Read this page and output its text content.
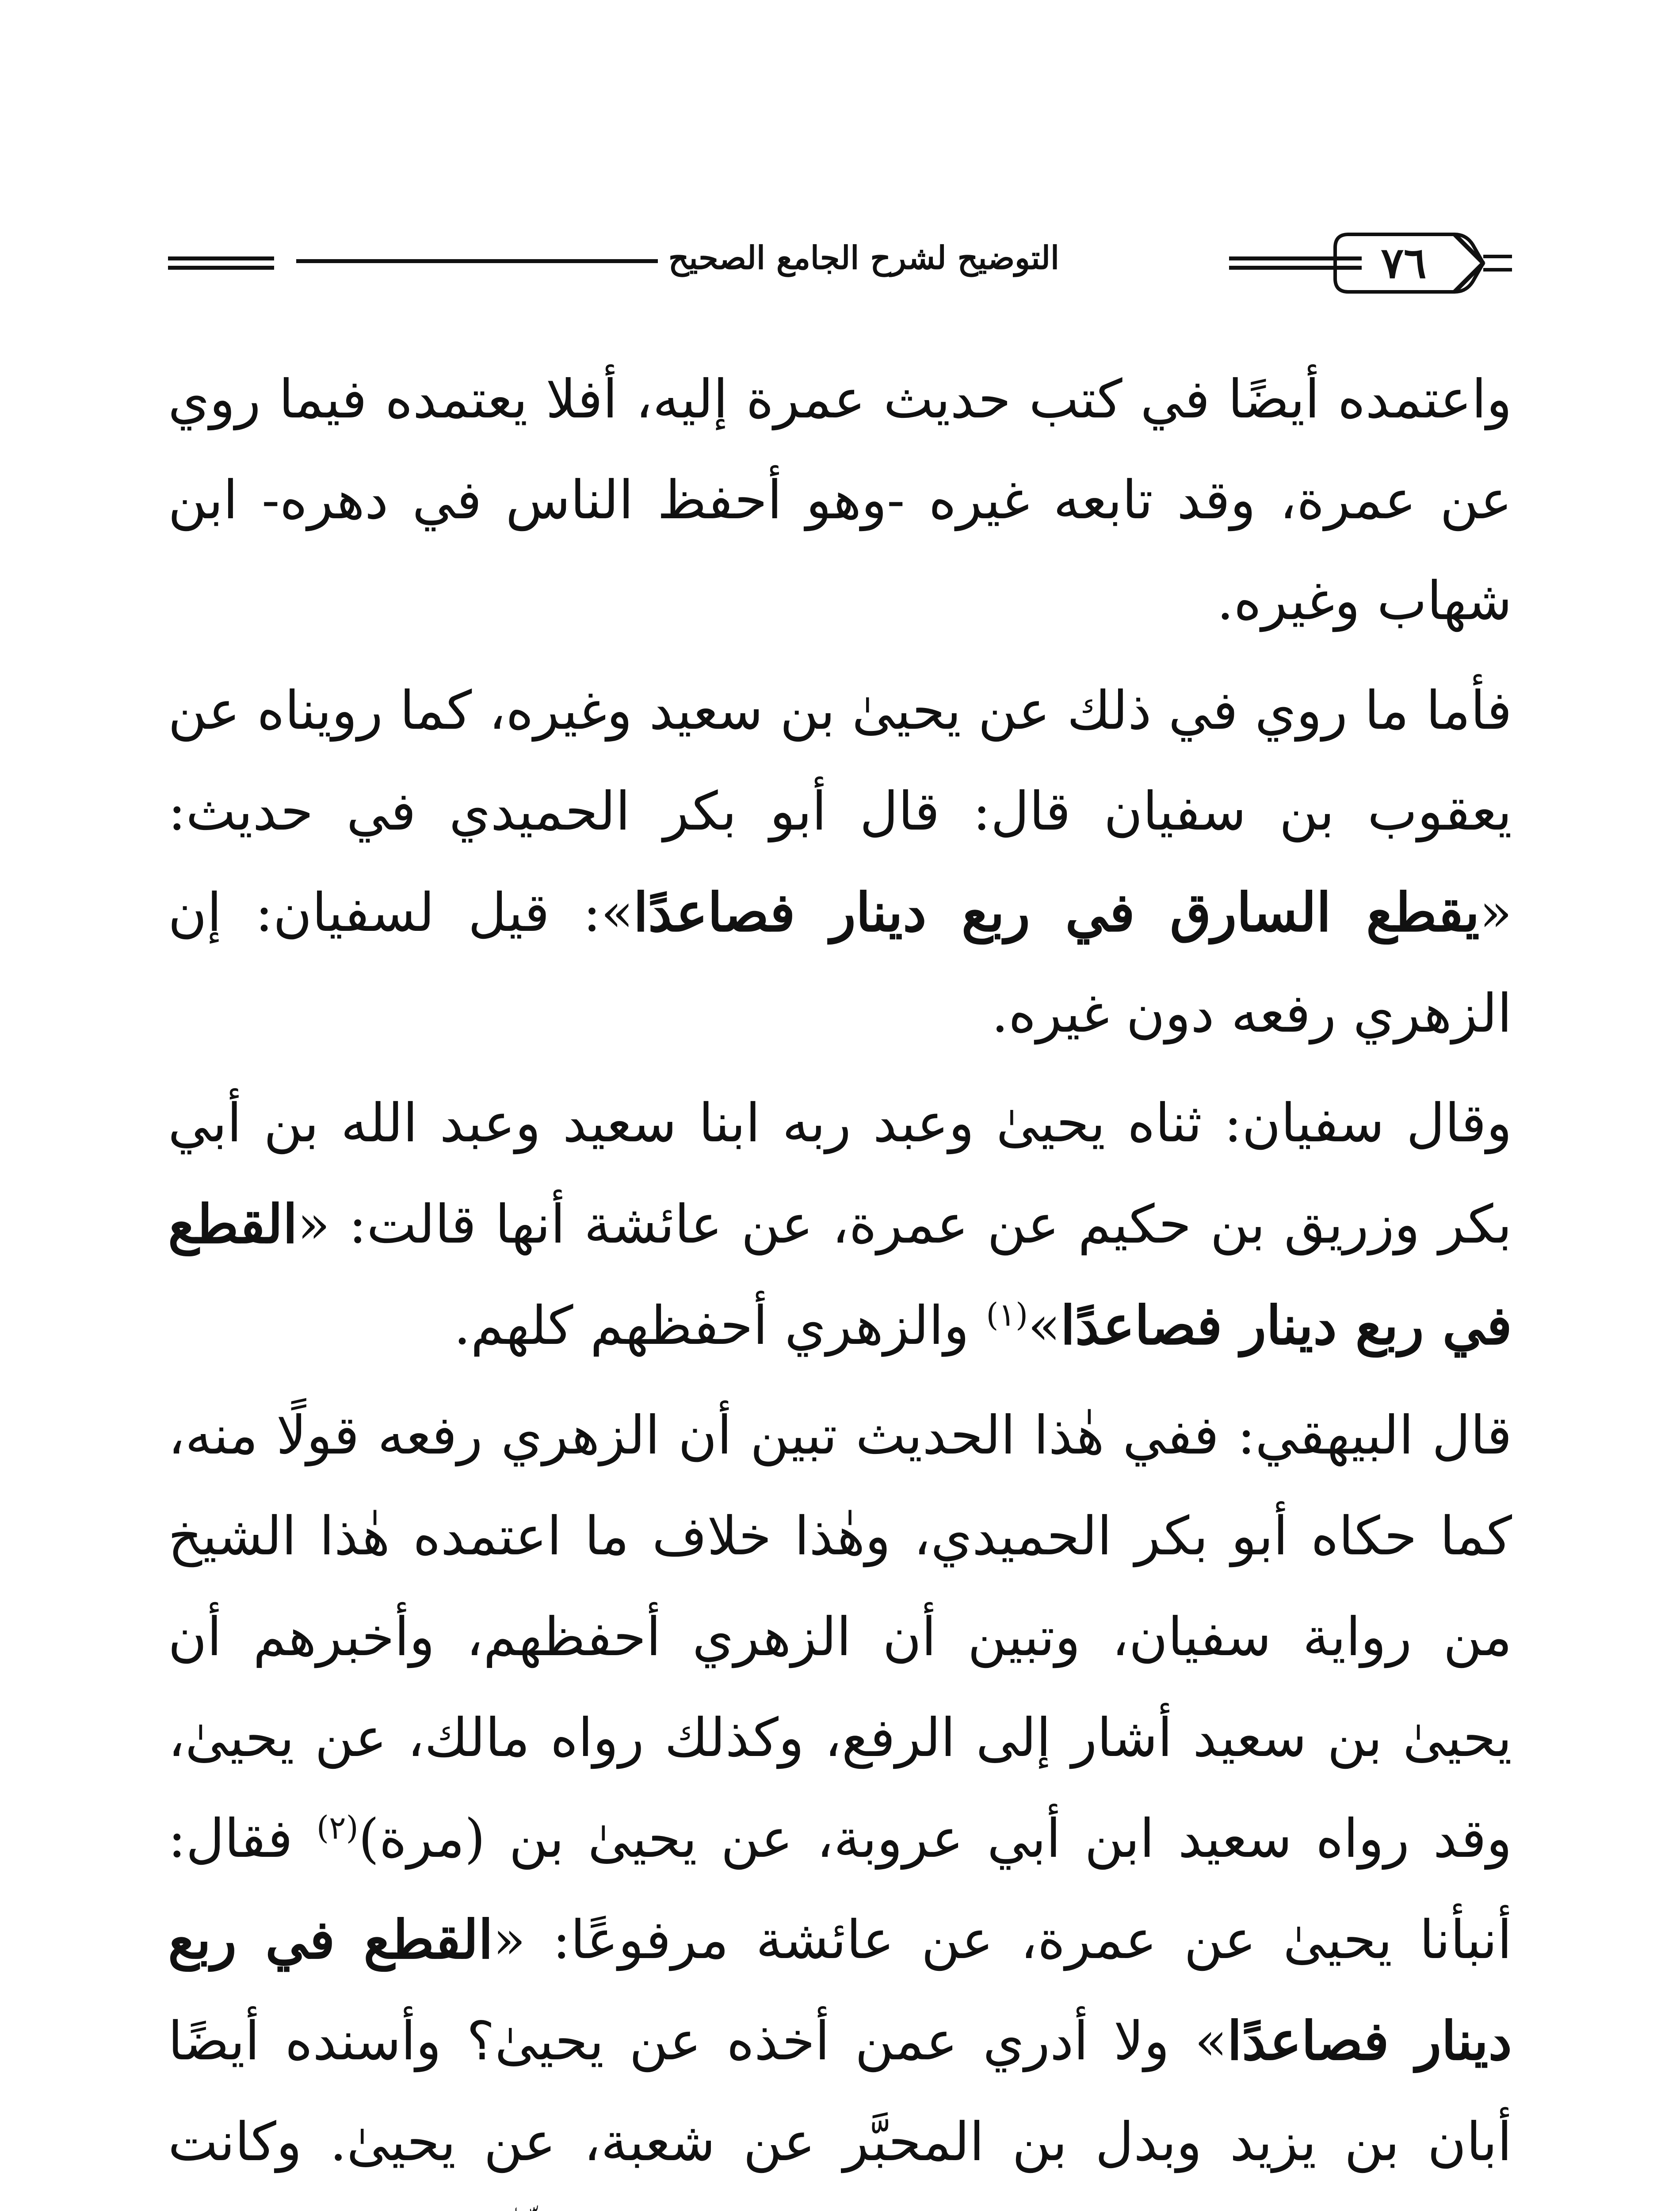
التوضيح لشرح الجامع الصحيح	٧٦

واعتمده أيضًا في كتب حديث عمرة إليه، أفلا يعتمده فيما روي عن عمرة، وقد تابعه غيره -وهو أحفظ الناس في دهره- ابن شهاب وغيره.

فأما ما روي في ذلك عن يحيىٰ بن سعيد وغيره، كما رويناه عن يعقوب بن سفيان قال: قال أبو بكر الحميدي في حديث: «يقطع السارق في ربع دينار فصاعدًا»: قيل لسفيان: إن الزهري رفعه دون غيره.

وقال سفيان: ثناه يحيىٰ وعبد ربه ابنا سعيد وعبد الله بن أبي بكر وزريق بن حكيم عن عمرة، عن عائشة أنها قالت: «القطع في ربع دينار فصاعدًا»$^{(١)}$ والزهري أحفظهم كلهم.

قال البيهقي: ففي هٰذا الحديث تبين أن الزهري رفعه قولًا منه، كما حكاه أبو بكر الحميدي، وهٰذا خلاف ما اعتمده هٰذا الشيخ من رواية سفيان، وتبين أن الزهري أحفظهم، وأخبرهم أن يحيىٰ بن سعيد أشار إلى الرفع، وكذلك رواه مالك، عن يحيىٰ، وقد رواه سعيد ابن أبي عروبة، عن يحيىٰ بن (مرة)$^{(٢)}$ فقال: أنبأنا يحيىٰ عن عمرة، عن عائشة مرفوعًا: «القطع في ربع دينار فصاعدًا» ولا أدري عمن أخذه عن يحيىٰ؟ وأسنده أيضًا أبان بن يزيد وبدل بن المحبَّر عن شعبة، عن يحيىٰ. وكانت
